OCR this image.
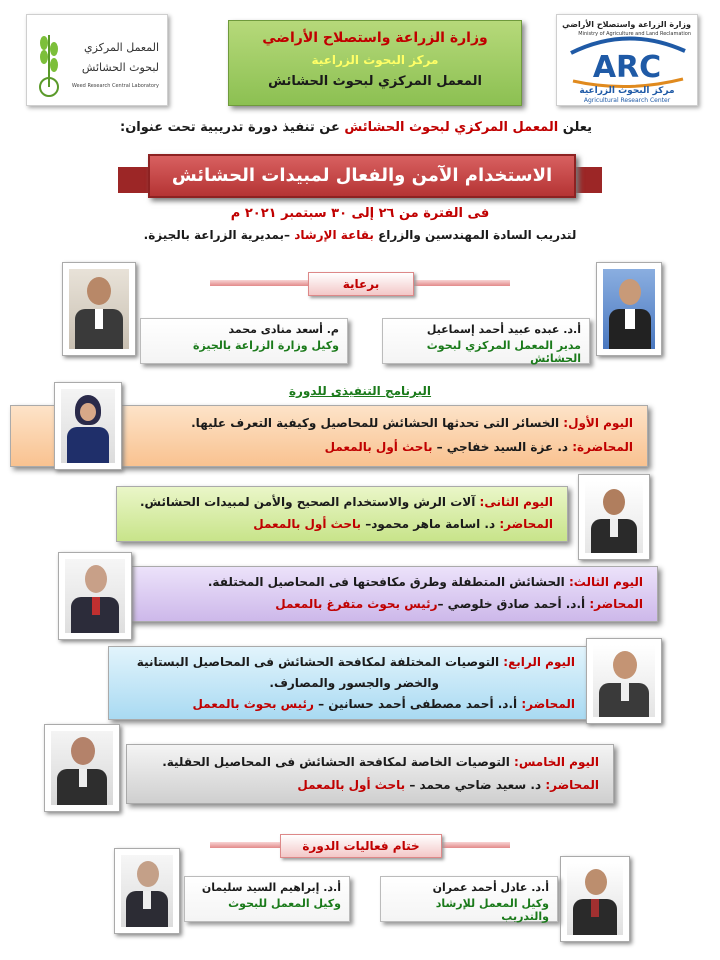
وزارة الزراعة واستصلاح الأراضي
Ministry of Agriculture and Land Reclamation
ARC
مركز البحوث الزراعية
Agricultural Research Center
المعمل المركزي
لبحوث الحشائش
Weed Research Central Laboratory
وزارة الزراعة واستصلاح الأراضي
مركز البحوث الزراعية
المعمل المركزي لبحوث الحشائش
يعلن المعمل المركزي لبحوث الحشائش عن تنفيذ دورة تدريبية تحت عنوان:
الاستخدام الآمن والفعال لمبيدات الحشائش
فى الفترة من ٢٦ إلى ٣٠ سبتمبر ٢٠٢١ م
لتدريب السادة المهندسين والزراع بقاعة الإرشاد –بمديرية الزراعة بالجيزة.
برعاية
أ.د. عبده عبيد أحمد إسماعيل
مدير المعمل المركزي لبحوث الحشائش
م. أسعد منادى محمد
وكيل وزارة الزراعة بالجيزة
البرنامج التنفيذى للدورة
اليوم الأول: الخسائر التى تحدثها الحشائش للمحاصيل وكيفية التعرف عليها.
المحاضرة: د. عزة السيد خفاجي – باحث أول بالمعمل
اليوم الثانى: آلات الرش والاستخدام الصحيح والأمن لمبيدات الحشائش.
المحاضر: د. اسامة ماهر محمود– باحث أول بالمعمل
اليوم الثالث: الحشائش المتطفلة وطرق مكافحتها فى المحاصيل المختلفة.
المحاضر: أ.د. أحمد صادق خلوصي –رئيس بحوث متفرغ بالمعمل
اليوم الرابع: التوصيات المختلفة لمكافحة الحشائش فى المحاصيل البستانية
والخضر والجسور والمصارف.
المحاضر: أ.د. أحمد مصطفى أحمد حسانين – رئيس بحوث بالمعمل
اليوم الخامس: التوصيات الخاصة لمكافحة الحشائش فى المحاصيل الحقلية.
المحاضر: د. سعيد ضاحي محمد – باحث أول بالمعمل
ختام فعاليات الدورة
أ.د. عادل أحمد عمران
وكيل المعمل للإرشاد والتدريب
أ.د. إبراهيم السيد سليمان
وكيل المعمل للبحوث
